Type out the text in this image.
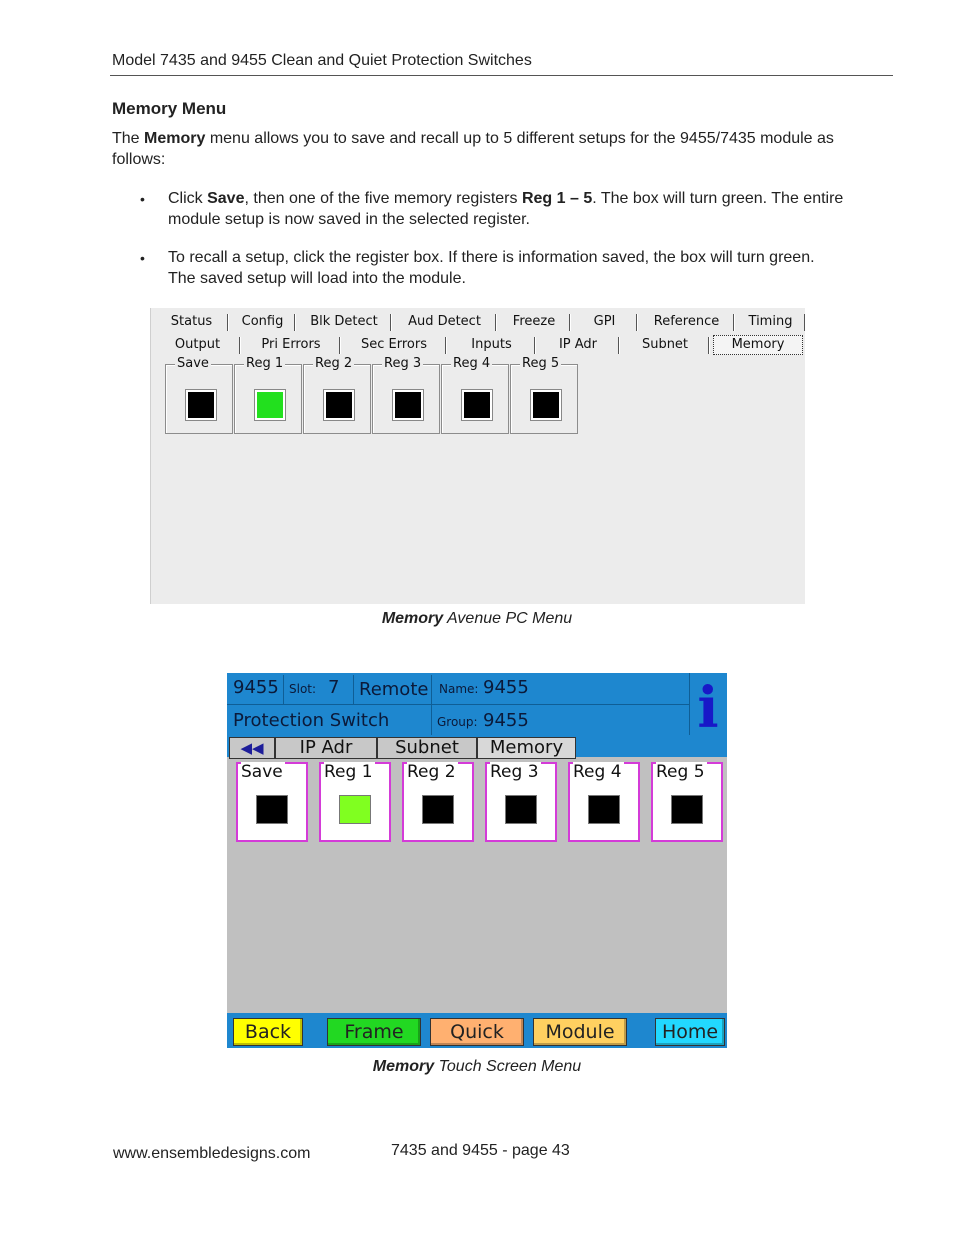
Model 7435 and 9455 Clean and Quiet Protection Switches
Memory Menu
The Memory menu allows you to save and recall up to 5 different setups for the 9455/7435 module as
follows:
• Click Save, then one of the five memory registers Reg 1 – 5. The box will turn green. The entire
module setup is now saved in the selected register.
• To recall a setup, click the register box. If there is information saved, the box will turn green.
The saved setup will load into the module.
Status	Config	Blk Detect	Aud Detect	Freeze	GPI	Reference	Timing
Output	Pri Errors	Sec Errors	Inputs	IP Adr	Subnet	Memory
Save	Reg 1 Reg 2 Reg 3 Reg 4 Reg 5
Memory Avenue PC Menu
9455 Slot: 7 Remote Name: 9455
Protection Switch	Group: 9455	i
◀◀	IP Adr	Subnet	Memory
Save Reg 1 Reg 2 Reg 3 Reg 4 Reg 5
Back	Frame	Quick	Module	Home
Memory Touch Screen Menu
www.ensembledesigns.com	7435 and 9455 - page 43
